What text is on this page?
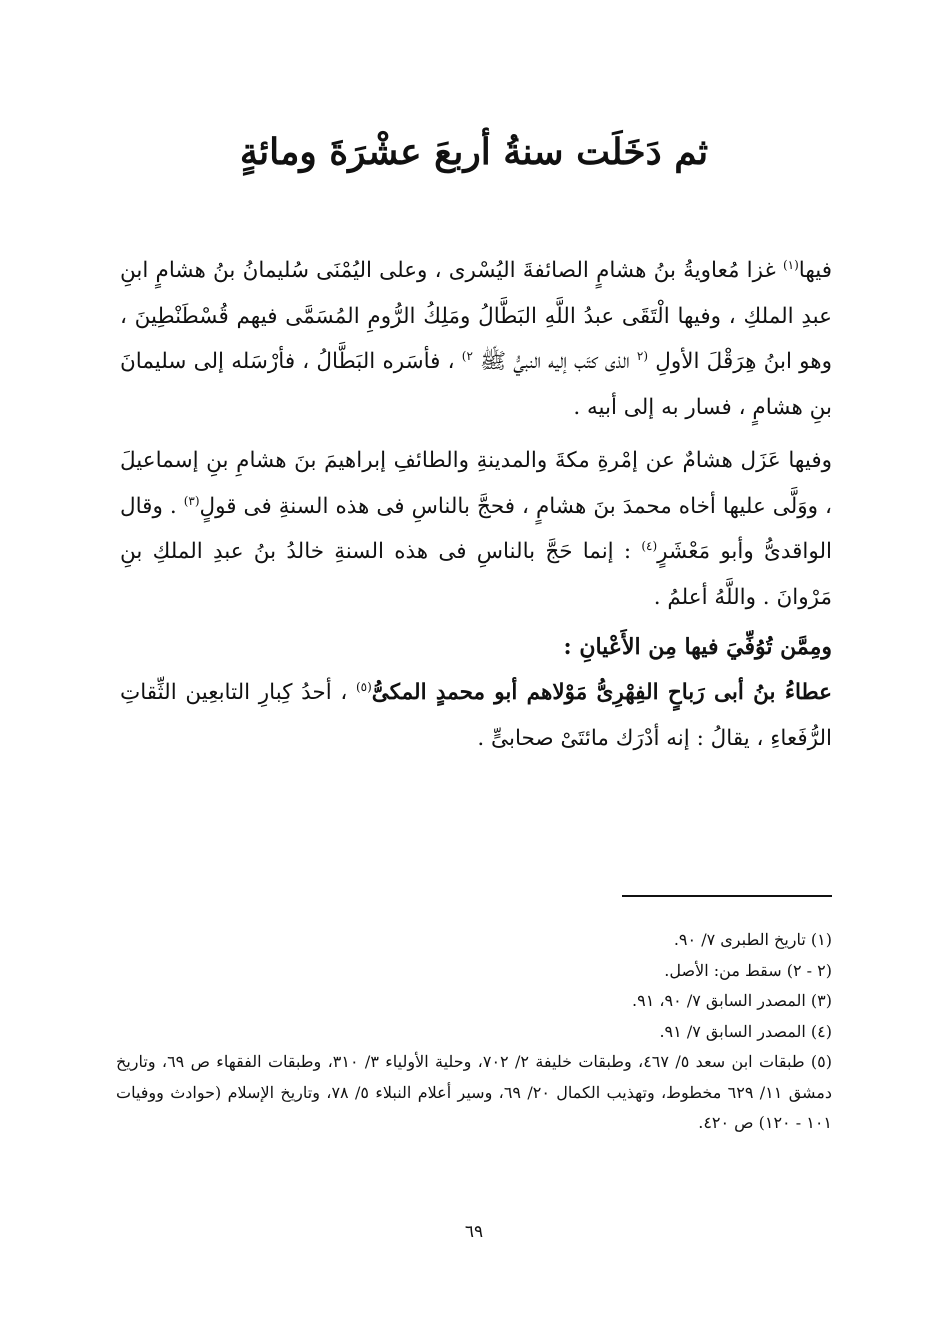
ثم دَخَلَت سنةُ أربعَ عشْرَةَ ومائةٍ

فيها$^{(١)}$ غزا مُعاويةُ بنُ هشامٍ الصائفةَ اليُسْرى ، وعلى اليُمْنَى سُليمانُ بنُ هشامٍ ابنِ عبدِ الملكِ ، وفيها الْتَقَى عبدُ اللَّهِ البَطَّالُ ومَلِكُ الرُّومِ المُسَمَّى فيهم قُسْطَنْطِينَ ، وهو ابنُ هِرَقْلَ الأولِ $^{(٢}$ الذى كتَب إليه النبيُّ ﷺ $^{٢)}$ ، فأسَره البَطَّالُ ، فأرْسَله إلى سليمانَ بنِ هشامٍ ، فسار به إلى أبيه .

وفيها عَزَل هشامٌ عن إمْرةِ مكةَ والمدينةِ والطائفِ إبراهيمَ بنَ هشامِ بنِ إسماعيلَ ، ووَلَّى عليها أخاه محمدَ بنَ هشامٍ ، فحجَّ بالناسِ فى هذه السنةِ فى قولٍ$^{(٣)}$ . وقال الواقدىُّ وأبو مَعْشَرٍ$^{(٤)}$ : إنما حَجَّ بالناسِ فى هذه السنةِ خالدُ بنُ عبدِ الملكِ بنِ مَرْوانَ . واللَّهُ أعلمُ .

ومِمَّن تُوُفِّيَ فيها مِن الأَعْيانِ :

عطاءُ بنُ أبى رَباحٍ الفِهْرِىُّ مَوْلاهم أبو محمدٍ المكىُّ$^{(٥)}$ ، أحدُ كِبارِ التابعِين الثِّقاتِ الرُّفَعاءِ ، يقالُ : إنه أدْرَك مائتَىْ صحابىٍّ .

(١) تاريخ الطبرى ٧/ ٩٠.
(٢ - ٢) سقط من: الأصل.
(٣) المصدر السابق ٧/ ٩٠، ٩١.
(٤) المصدر السابق ٧/ ٩١.
(٥) طبقات ابن سعد ٥/ ٤٦٧، وطبقات خليفة ٢/ ٧٠٢، وحلية الأولياء ٣/ ٣١٠، وطبقات الفقهاء ص ٦٩، وتاريخ دمشق ١١/ ٦٢٩ مخطوط، وتهذيب الكمال ٢٠/ ٦٩، وسير أعلام النبلاء ٥/ ٧٨، وتاريخ الإسلام (حوادث ووفيات ١٠١ - ١٢٠) ص ٤٢٠.
٦٩
